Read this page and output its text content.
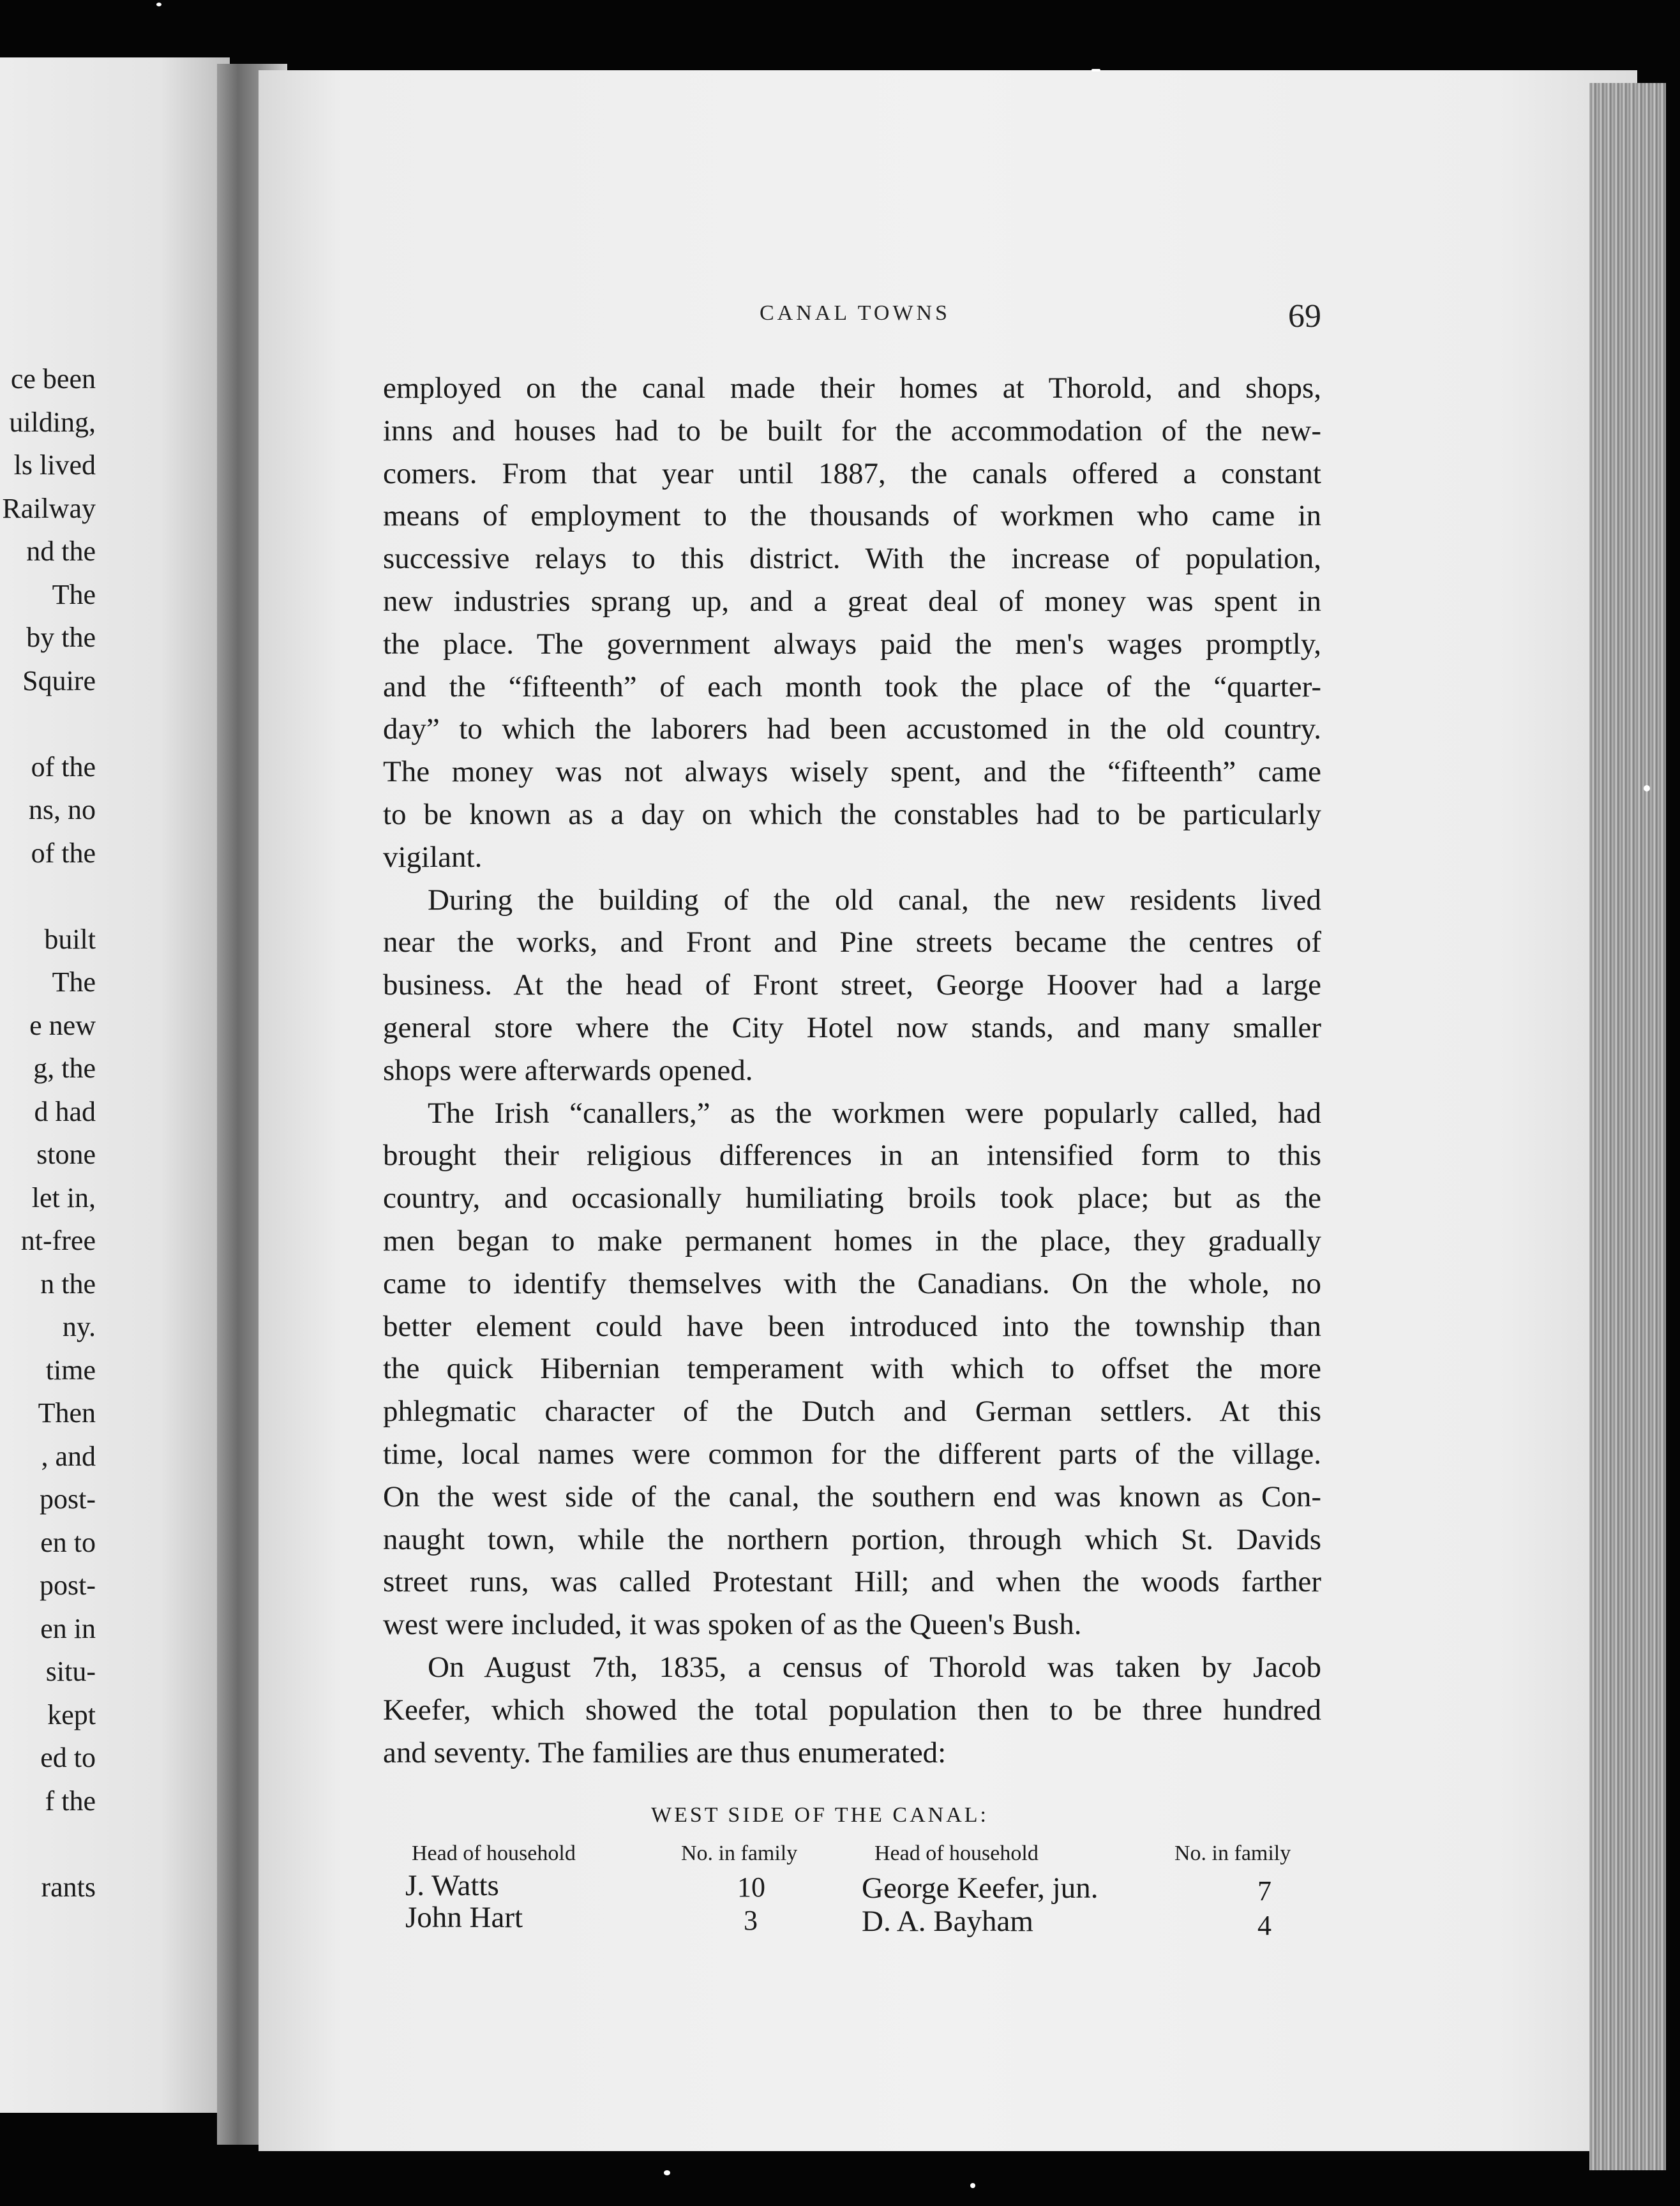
ce been
uilding,
ls lived
Railway
nd the
The
by the
Squire
of the
ns, no
of the
built
The
e new
g, the
d had
stone
let in,
nt-free
n the
ny.
time
Then
, and
post-
en to
post-
en in
situ-
kept
ed to
f the
rants
CANAL TOWNS	69
employed on the canal made their homes at Thorold, and shops,
inns and houses had to be built for the accommodation of the new-
comers. From that year until 1887, the canals offered a constant
means of employment to the thousands of workmen who came in
successive relays to this district. With the increase of population,
new industries sprang up, and a great deal of money was spent in
the place. The government always paid the men's wages promptly,
and the “fifteenth” of each month took the place of the “quarter-
day” to which the laborers had been accustomed in the old country.
The money was not always wisely spent, and the “fifteenth” came
to be known as a day on which the constables had to be particularly
vigilant.
During the building of the old canal, the new residents lived
near the works, and Front and Pine streets became the centres of
business. At the head of Front street, George Hoover had a large
general store where the City Hotel now stands, and many smaller
shops were afterwards opened.
The Irish “canallers,” as the workmen were popularly called, had
brought their religious differences in an intensified form to this
country, and occasionally humiliating broils took place; but as the
men began to make permanent homes in the place, they gradually
came to identify themselves with the Canadians. On the whole, no
better element could have been introduced into the township than
the quick Hibernian temperament with which to offset the more
phlegmatic character of the Dutch and German settlers. At this
time, local names were common for the different parts of the village.
On the west side of the canal, the southern end was known as Con-
naught town, while the northern portion, through which St. Davids
street runs, was called Protestant Hill; and when the woods farther
west were included, it was spoken of as the Queen's Bush.
On August 7th, 1835, a census of Thorold was taken by Jacob
Keefer, which showed the total population then to be three hundred
and seventy. The families are thus enumerated:
WEST SIDE OF THE CANAL:
Head of household	No. in family	Head of household	No. in family
J. Watts	10	George Keefer, jun.	7
John Hart	3	D. A. Bayham	4
